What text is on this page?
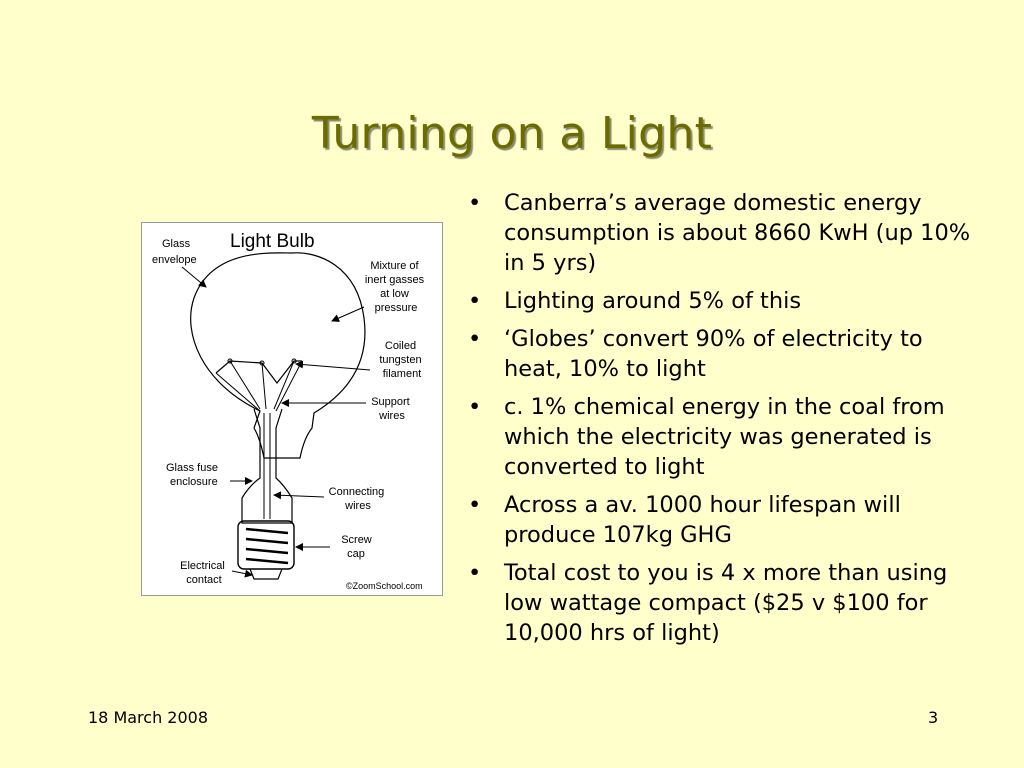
Turning on a Light
Light Bulb
Glass envelope	Mixture of inert gasses at low pressure
Coiled tungsten filament
Support wires
Glass fuse enclosure
Connecting wires
Screw cap
Electrical contact	©ZoomSchool.com
• Canberra’s average domestic energy consumption is about 8660 KwH (up 10% in 5 yrs)
• Lighting around 5% of this
• ‘Globes’ convert 90% of electricity to heat, 10% to light
• c. 1% chemical energy in the coal from which the electricity was generated is converted to light
• Across a av. 1000 hour lifespan will produce 107kg GHG
• Total cost to you is 4 x more than using low wattage compact ($25 v $100 for 10,000 hrs of light)
18 March 2008	3
